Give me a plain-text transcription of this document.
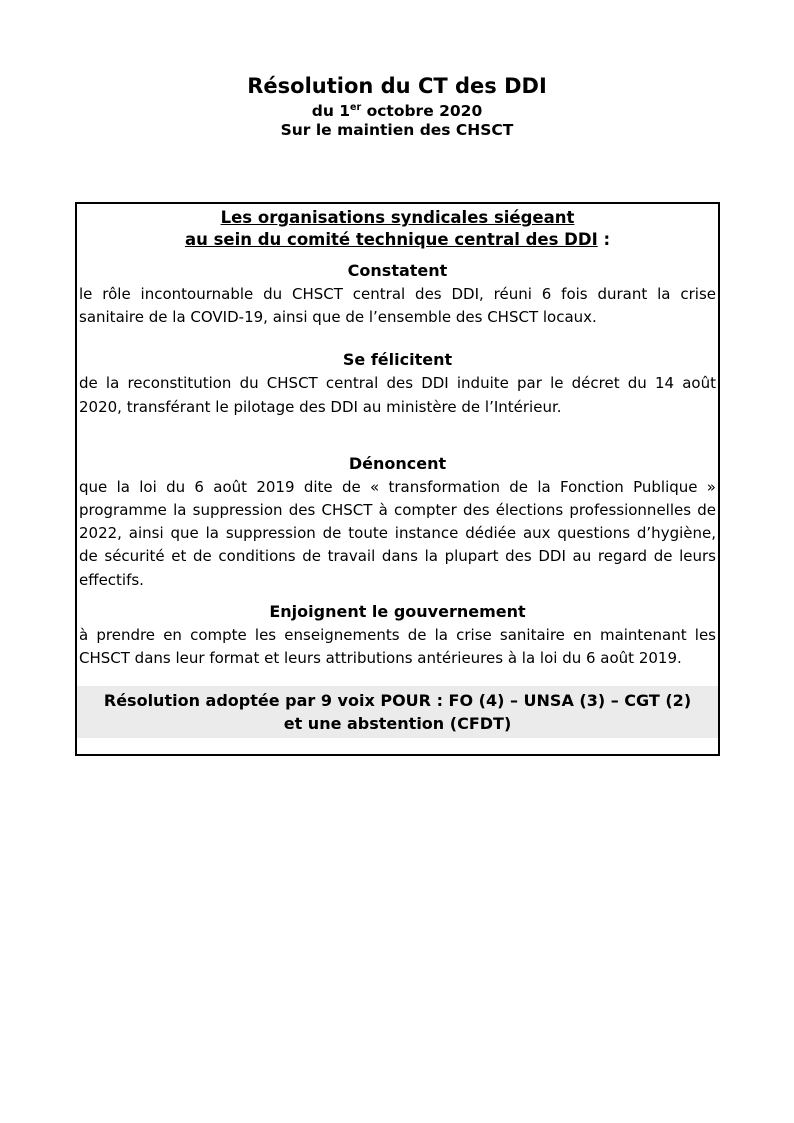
Résolution du CT des DDI
du 1er octobre 2020
Sur le maintien des CHSCT
Les organisations syndicales siégeant
au sein du comité technique central des DDI :
Constatent

le rôle incontournable du CHSCT central des DDI, réuni 6 fois durant la crise sanitaire de la COVID-19, ainsi que de l’ensemble des CHSCT locaux.

Se félicitent

de la reconstitution du CHSCT central des DDI induite par le décret du 14 août 2020, transférant le pilotage des DDI au ministère de l’Intérieur.

Dénoncent

que la loi du 6 août 2019 dite de « transformation de la Fonction Publique » programme la suppression des CHSCT à compter des élections professionnelles de 2022, ainsi que la suppression de toute instance dédiée aux questions d’hygiène, de sécurité et de conditions de travail dans la plupart des DDI au regard de leurs effectifs.

Enjoignent le gouvernement

à prendre en compte les enseignements de la crise sanitaire en maintenant les CHSCT dans leur format et leurs attributions antérieures à la loi du 6 août 2019.

Résolution adoptée par 9 voix POUR : FO (4) – UNSA (3) – CGT (2)
et une abstention (CFDT)
